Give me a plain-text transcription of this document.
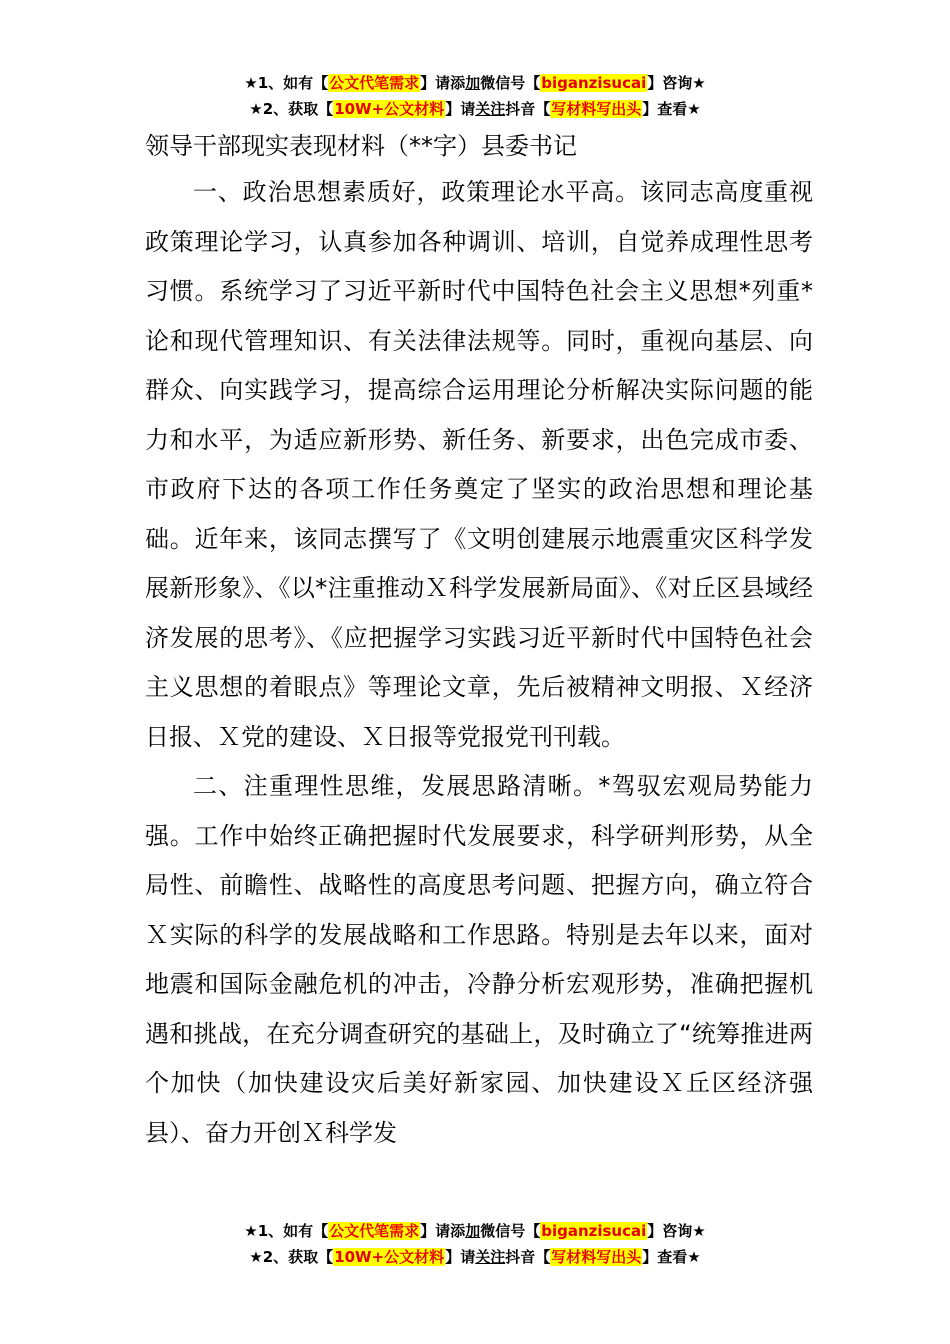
★1、如有【公文代笔需求】请添加微信号【biganzisucai】咨询★
★2、获取【10W+公文材料】请关注抖音【写材料写出头】查看★

领导干部现实表现材料（**字）县委书记

一、政治思想素质好，政策理论水平高。该同志高度重视政策理论学习，认真参加各种调训、培训，自觉养成理性思考习惯。系统学习了习近平新时代中国特色社会主义思想*列重*论和现代管理知识、有关法律法规等。同时，重视向基层、向群众、向实践学习，提高综合运用理论分析解决实际问题的能力和水平，为适应新形势、新任务、新要求，出色完成市委、市政府下达的各项工作任务奠定了坚实的政治思想和理论基础。近年来，该同志撰写了《文明创建展示地震重灾区科学发展新形象》、《以*注重推动Ｘ科学发展新局面》、《对丘区县域经济发展的思考》、《应把握学习实践习近平新时代中国特色社会主义思想的着眼点》等理论文章，先后被精神文明报、Ｘ经济日报、Ｘ党的建设、Ｘ日报等党报党刊刊载。

二、注重理性思维，发展思路清晰。*驾驭宏观局势能力强。工作中始终正确把握时代发展要求，科学研判形势，从全局性、前瞻性、战略性的高度思考问题、把握方向，确立符合Ｘ实际的科学的发展战略和工作思路。特别是去年以来，面对地震和国际金融危机的冲击，冷静分析宏观形势，准确把握机遇和挑战，在充分调查研究的基础上，及时确立了“统筹推进两个加快（加快建设灾后美好新家园、加快建设Ｘ丘区经济强县）、奋力开创Ｘ科学发

★1、如有【公文代笔需求】请添加微信号【biganzisucai】咨询★
★2、获取【10W+公文材料】请关注抖音【写材料写出头】查看★
